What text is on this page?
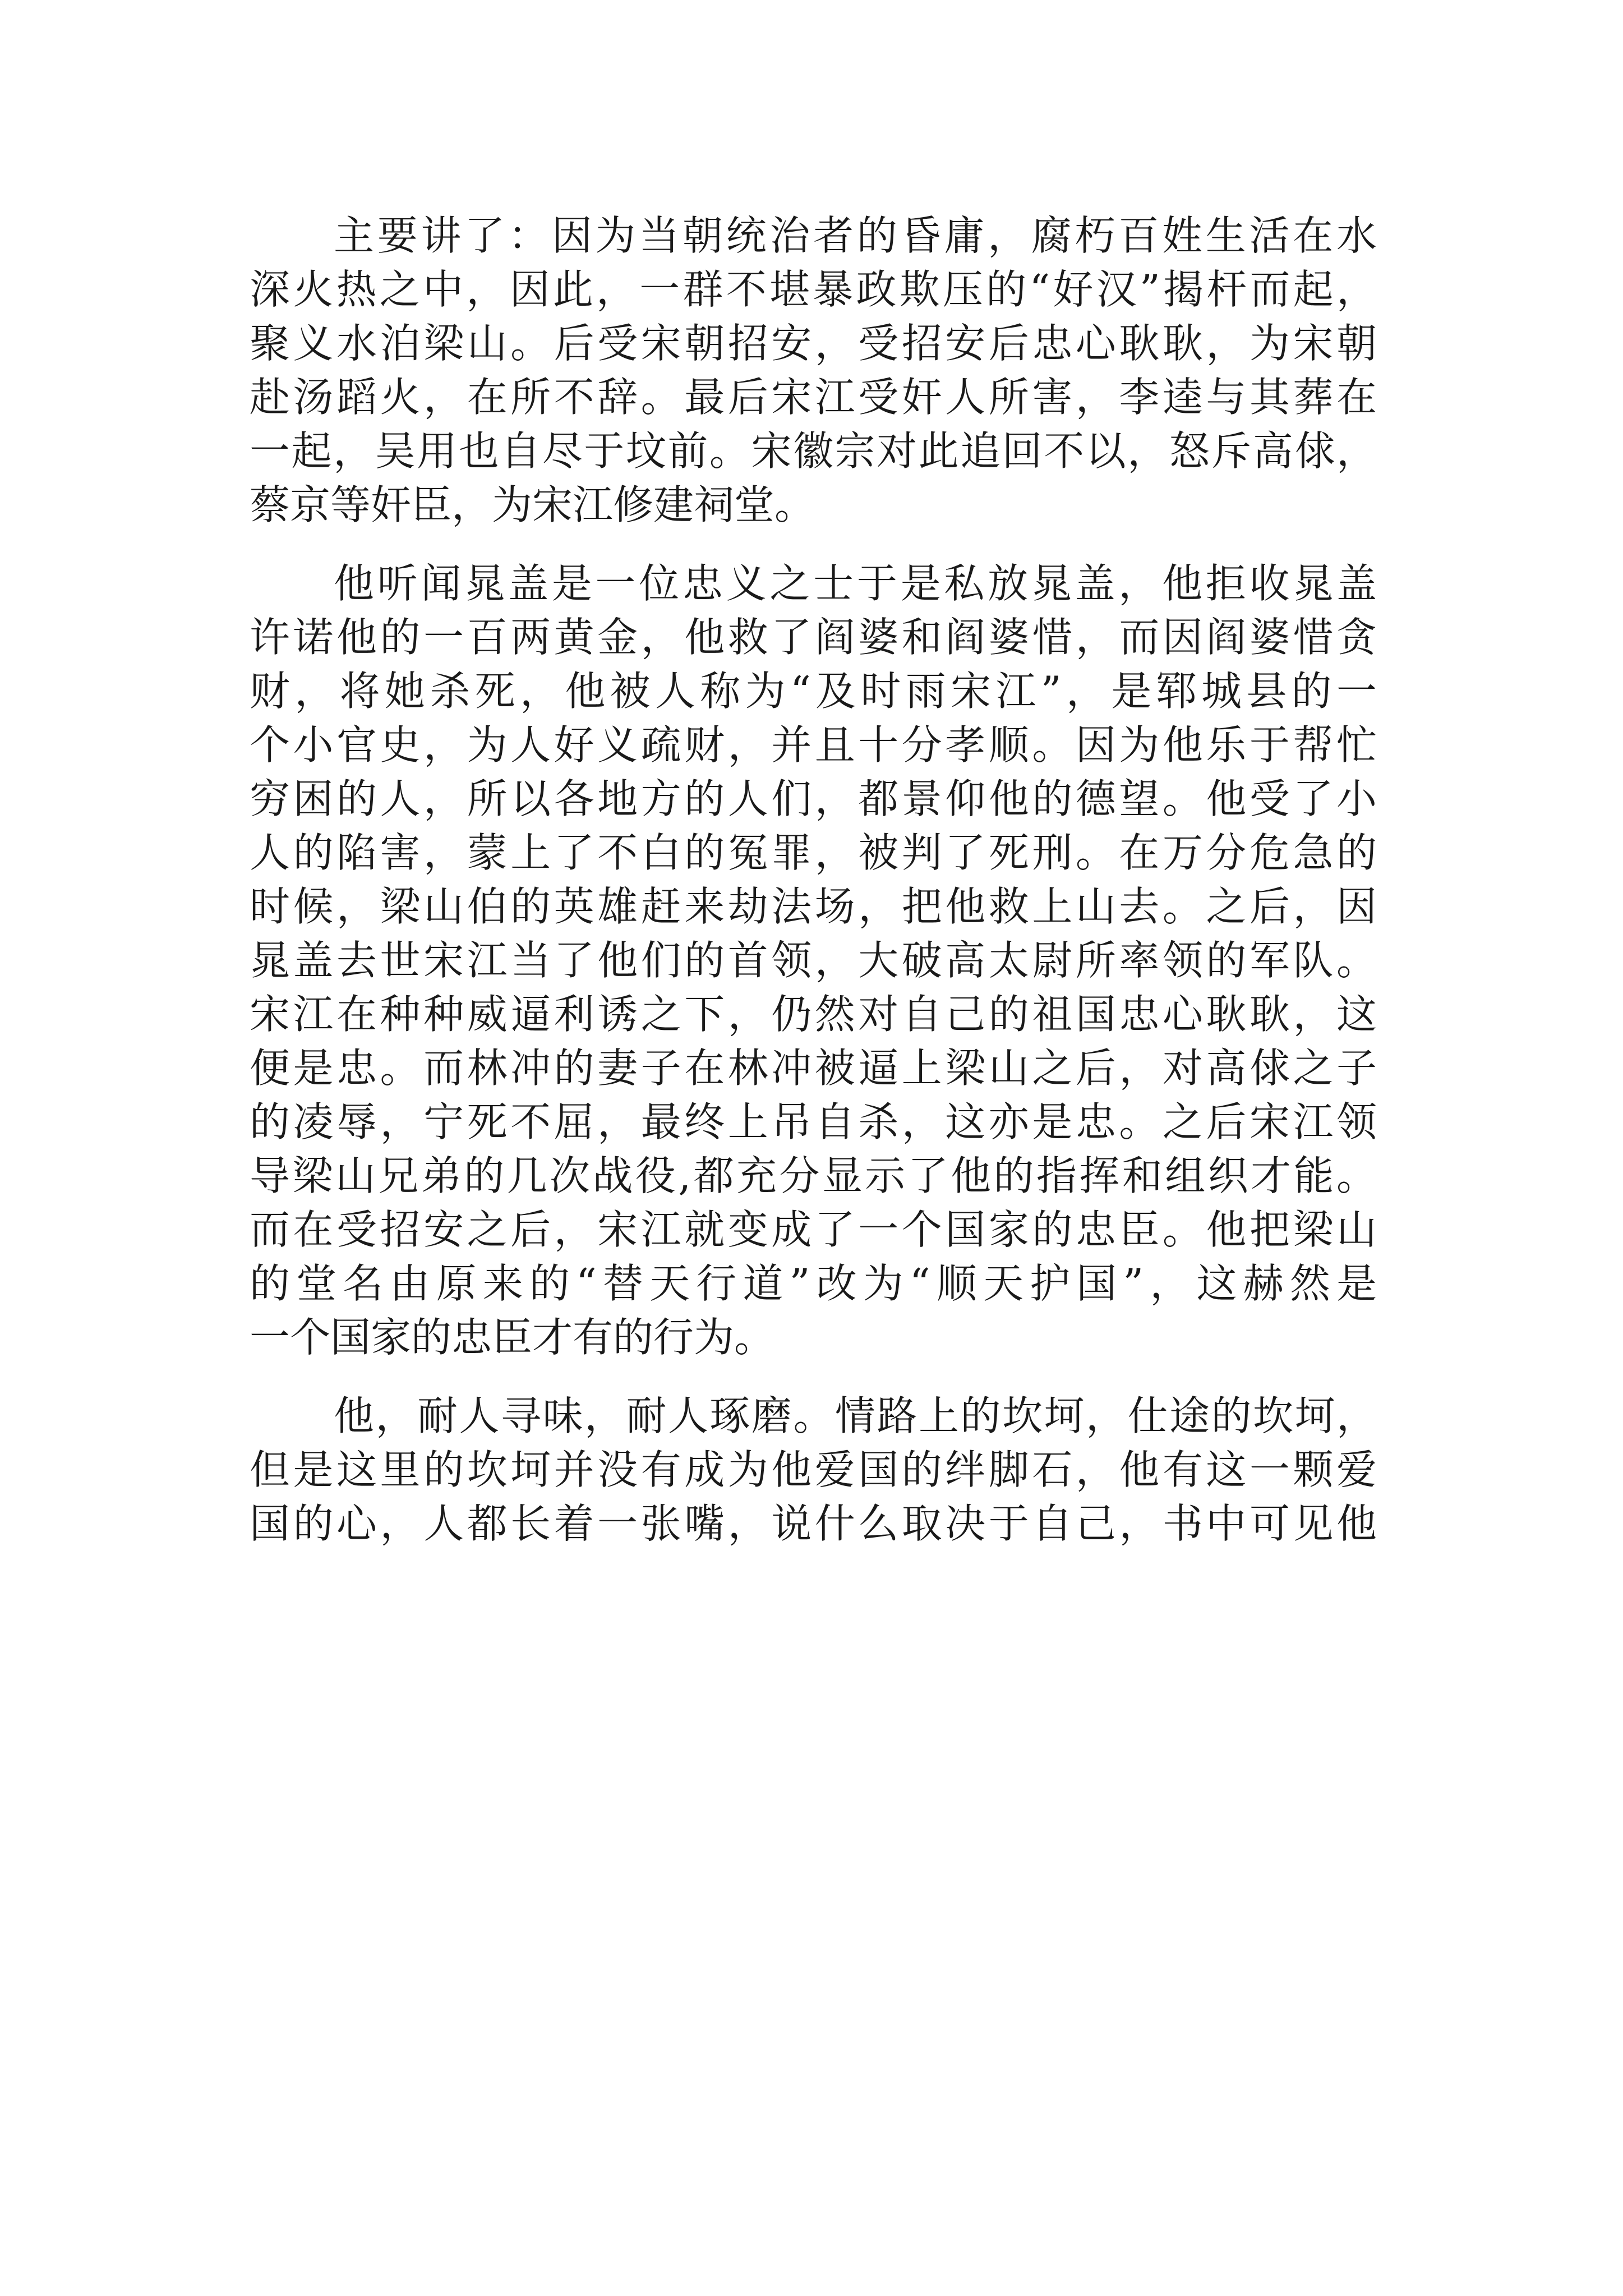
主要讲了：因为当朝统治者的昏庸，腐朽百姓生活在水
深火热之中，因此，一群不堪暴政欺压的“好汉”揭杆而起，
聚义水泊梁山。后受宋朝招安，受招安后忠心耿耿，为宋朝
赴汤蹈火，在所不辞。最后宋江受奸人所害，李逵与其葬在
一起，吴用也自尽于坟前。宋徽宗对此追回不以，怒斥高俅，
蔡京等奸臣，为宋江修建祠堂。

他听闻晁盖是一位忠义之士于是私放晁盖，他拒收晁盖
许诺他的一百两黄金，他救了阎婆和阎婆惜，而因阎婆惜贪
财，将她杀死，他被人称为“及时雨宋江”，是郓城县的一
个小官史，为人好义疏财，并且十分孝顺。因为他乐于帮忙
穷困的人，所以各地方的人们，都景仰他的德望。他受了小
人的陷害，蒙上了不白的冤罪，被判了死刑。在万分危急的
时候，梁山伯的英雄赶来劫法场，把他救上山去。之后，因
晁盖去世宋江当了他们的首领，大破高太尉所率领的军队。
宋江在种种威逼利诱之下，仍然对自己的祖国忠心耿耿，这
便是忠。而林冲的妻子在林冲被逼上梁山之后，对高俅之子
的凌辱，宁死不屈，最终上吊自杀，这亦是忠。之后宋江领
导梁山兄弟的几次战役,都充分显示了他的指挥和组织才能。
而在受招安之后，宋江就变成了一个国家的忠臣。他把梁山
的堂名由原来的“替天行道”改为“顺天护国”，这赫然是
一个国家的忠臣才有的行为。

他，耐人寻味，耐人琢磨。情路上的坎坷，仕途的坎坷，
但是这里的坎坷并没有成为他爱国的绊脚石，他有这一颗爱
国的心，人都长着一张嘴，说什么取决于自己，书中可见他
